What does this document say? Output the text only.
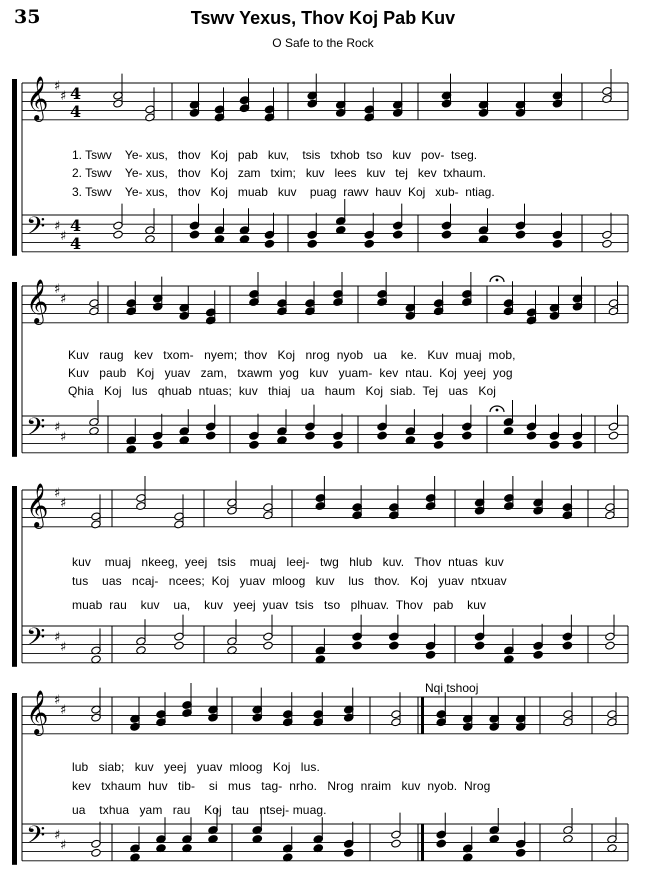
35	Tswv Yexus, Thov Koj Pab Kuv
O Safe to the Rock
𝄞
𝄢
♯
♯
♯
♯
4
4
4
4
𝄞
𝄢
♯
♯
♯
♯
𝄞
𝄢
♯
♯
♯
♯
𝄞
𝄢
♯
♯
♯
♯
1. Tswv    Ye- xus,   thov   Koj   pab   kuv,    tsis   txhob  tso   kuv   pov-  tseg.
2. Tswv    Ye- xus,   thov   Koj   zam   txim;   kuv   lees   kuv   tej   kev  txhaum.
3. Tswv    Ye- xus,   thov   Koj   muab   kuv    puag  rawv  hauv  Koj   xub-  ntiag.
Kuv   raug   kev   txom-   nyem;  thov   Koj   nrog  nyob   ua    ke.   Kuv  muaj  mob,
Kuv   paub   Koj   yuav   zam,   txawm  yog   kuv   yuam-  kev  ntau.  Koj  yeej  yog
Qhia   Koj   lus   qhuab  ntuas;  kuv   thiaj   ua   haum   Koj  siab.  Tej   uas   Koj
kuv    muaj   nkeeg,  yeej   tsis    muaj   leej-   twg   hlub   kuv.   Thov  ntuas  kuv
tus    uas   ncaj-   ncees;  Koj   yuav  mloog   kuv    lus   thov.   Koj   yuav  ntxuav
muab  rau    kuv    ua,    kuv   yeej  yuav  tsis   tso   plhuav.  Thov   pab    kuv
Nqi tshooj
lub   siab;   kuv   yeej   yuav  mloog   Koj   lus.
kev   txhaum  huv   tib-    si   mus   tag-  nrho.   Nrog  nraim   kuv  nyob.  Nrog
ua    txhua   yam   rau    Koj   tau   ntsej- muag.
